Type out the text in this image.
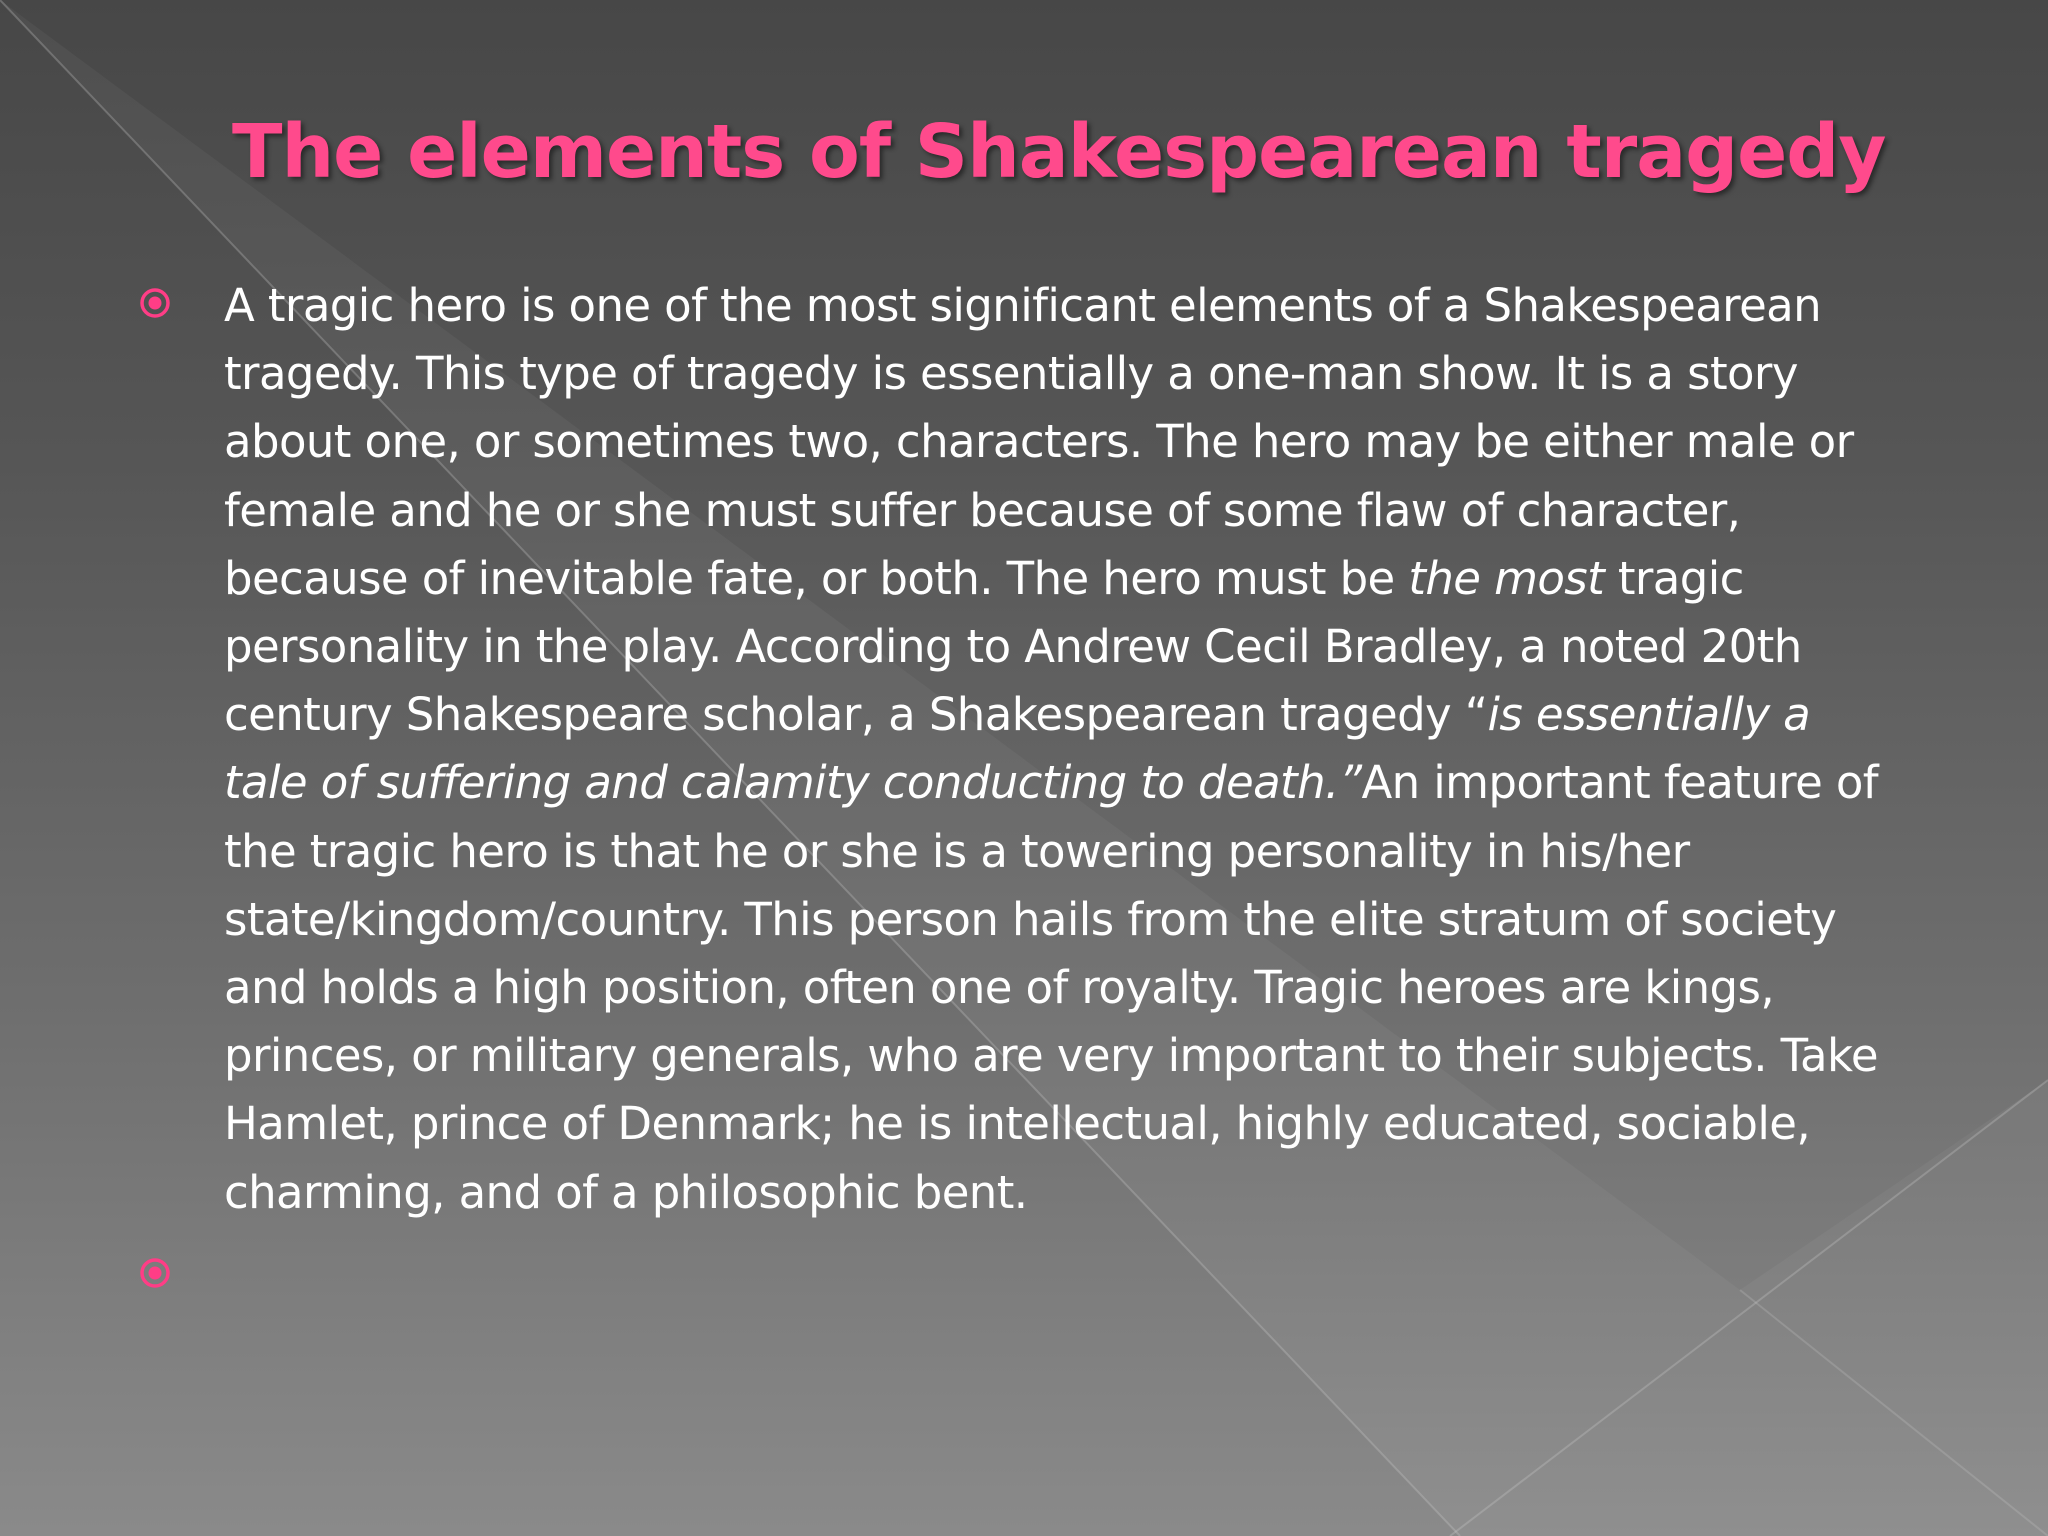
The elements of Shakespearean tragedy

A tragic hero is one of the most significant elements of a Shakespearean tragedy. This type of tragedy is essentially a one-man show. It is a story about one, or sometimes two, characters. The hero may be either male or female and he or she must suffer because of some flaw of character, because of inevitable fate, or both. The hero must be the most tragic personality in the play. According to Andrew Cecil Bradley, a noted 20th century Shakespeare scholar, a Shakespearean tragedy “is essentially a tale of suffering and calamity conducting to death.”An important feature of the tragic hero is that he or she is a towering personality in his/her state/kingdom/country. This person hails from the elite stratum of society and holds a high position, often one of royalty. Tragic heroes are kings, princes, or military generals, who are very important to their subjects. Take Hamlet, prince of Denmark; he is intellectual, highly educated, sociable, charming, and of a philosophic bent.
